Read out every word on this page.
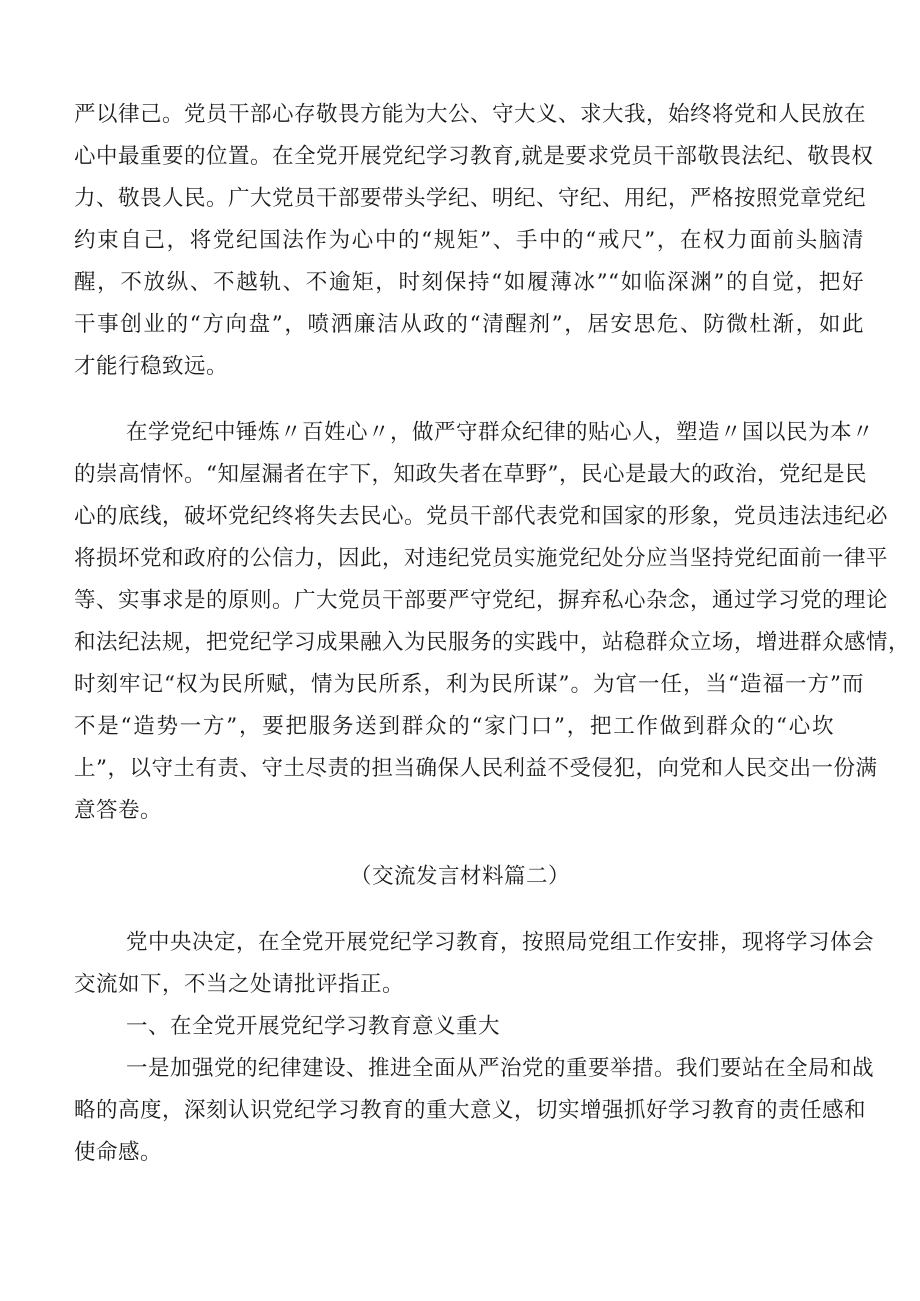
严以律己。党员干部心存敬畏方能为大公、守大义、求大我，始终将党和人民放在
心中最重要的位置。在全党开展党纪学习教育,就是要求党员干部敬畏法纪、敬畏权
力、敬畏人民。广大党员干部要带头学纪、明纪、守纪、用纪，严格按照党章党纪
约束自己，将党纪国法作为心中的“规矩”、手中的“戒尺”，在权力面前头脑清
醒，不放纵、不越轨、不逾矩，时刻保持“如履薄冰”“如临深渊”的自觉，把好
干事创业的“方向盘”，喷洒廉洁从政的“清醒剂”，居安思危、防微杜渐，如此
才能行稳致远。
在学党纪中锤炼〃百姓心〃，做严守群众纪律的贴心人，塑造〃国以民为本〃
的崇高情怀。“知屋漏者在宇下，知政失者在草野”，民心是最大的政治，党纪是民
心的底线，破坏党纪终将失去民心。党员干部代表党和国家的形象，党员违法违纪必
将损坏党和政府的公信力，因此，对违纪党员实施党纪处分应当坚持党纪面前一律平
等、实事求是的原则。广大党员干部要严守党纪，摒弃私心杂念，通过学习党的理论
和法纪法规，把党纪学习成果融入为民服务的实践中，站稳群众立场，增进群众感情，
时刻牢记“权为民所赋，情为民所系，利为民所谋”。为官一任，当“造福一方”而
不是“造势一方”，要把服务送到群众的“家门口”，把工作做到群众的“心坎
上”，以守土有责、守土尽责的担当确保人民利益不受侵犯，向党和人民交出一份满
意答卷。
（交流发言材料篇二）
党中央决定，在全党开展党纪学习教育，按照局党组工作安排，现将学习体会
交流如下，不当之处请批评指正。
一、在全党开展党纪学习教育意义重大
一是加强党的纪律建设、推进全面从严治党的重要举措。我们要站在全局和战
略的高度，深刻认识党纪学习教育的重大意义，切实增强抓好学习教育的责任感和
使命感。
